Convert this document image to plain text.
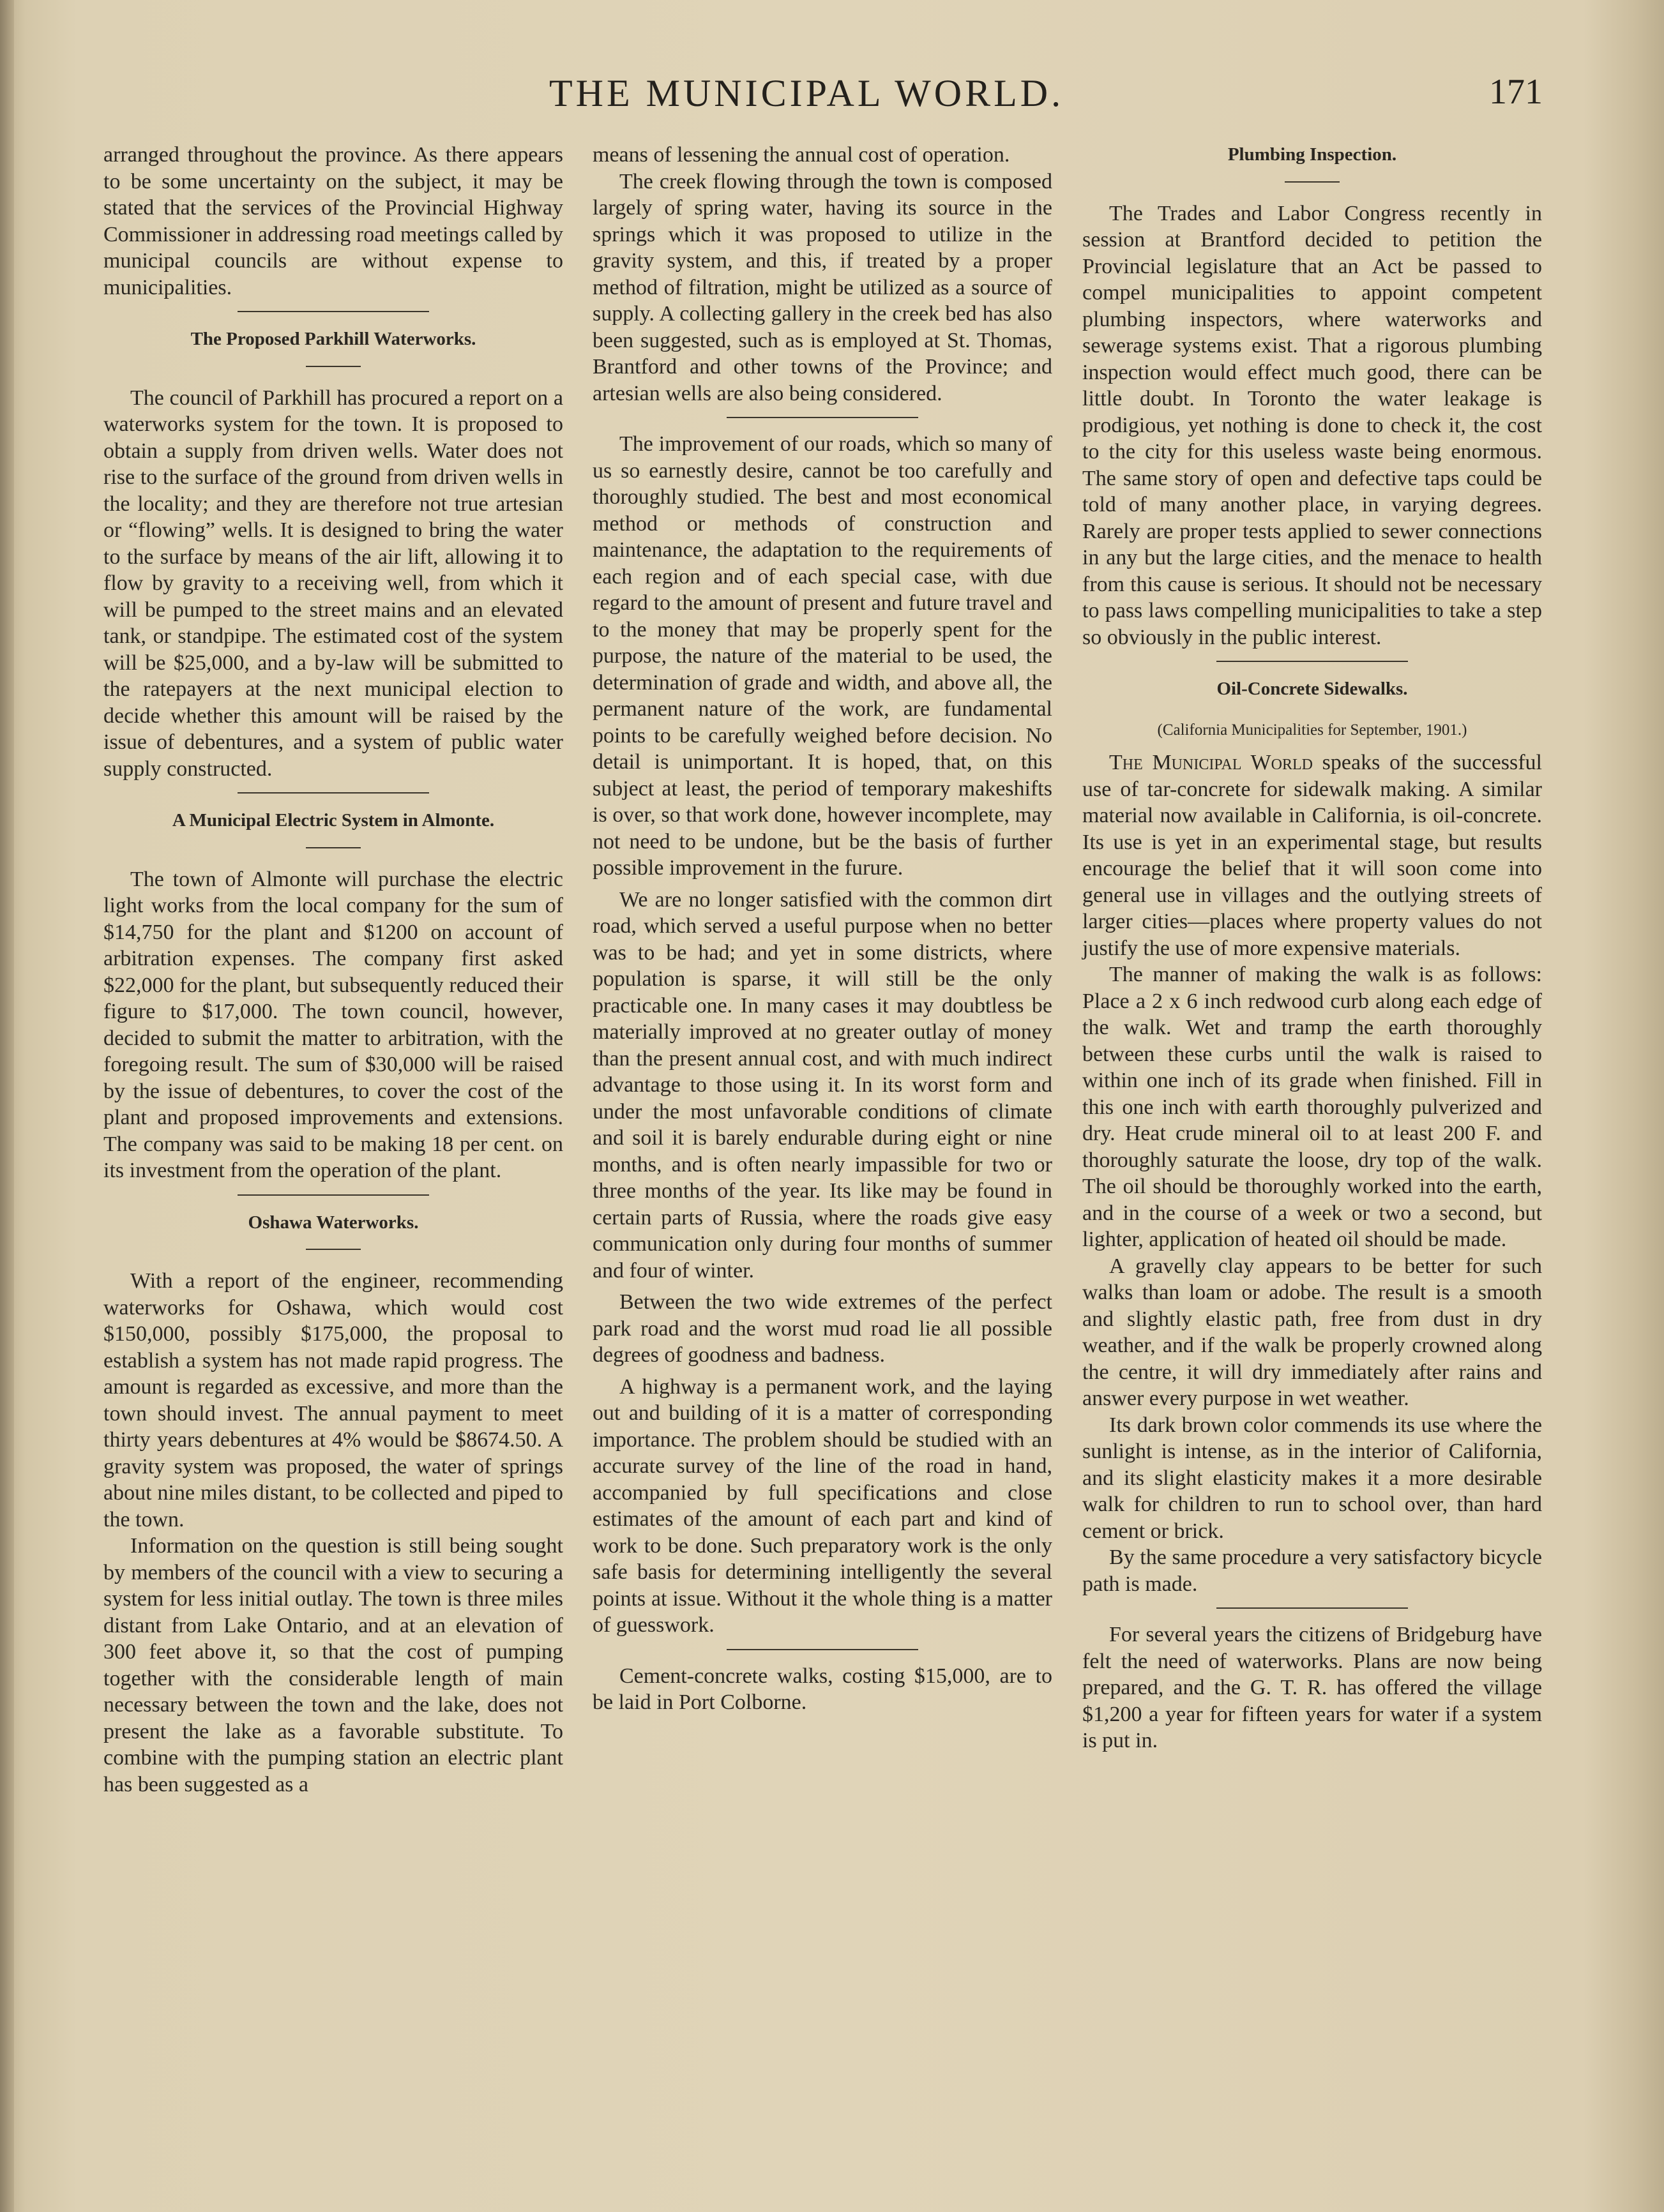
THE MUNICIPAL WORLD.	171

arranged throughout the province. As there appears to be some uncertainty on the subject, it may be stated that the services of the Provincial Highway Commissioner in addressing road meetings called by municipal councils are without expense to municipalities.

The Proposed Parkhill Waterworks.

The council of Parkhill has procured a report on a waterworks system for the town. It is proposed to obtain a supply from driven wells. Water does not rise to the surface of the ground from driven wells in the locality; and they are therefore not true artesian or “flowing” wells. It is designed to bring the water to the surface by means of the air lift, allowing it to flow by gravity to a receiving well, from which it will be pumped to the street mains and an elevated tank, or standpipe. The estimated cost of the system will be $25,000, and a by-law will be submitted to the ratepayers at the next municipal election to decide whether this amount will be raised by the issue of debentures, and a system of public water supply constructed.

A Municipal Electric System in Almonte.

The town of Almonte will purchase the electric light works from the local company for the sum of $14,750 for the plant and $1200 on account of arbitration expenses. The company first asked $22,000 for the plant, but subsequently reduced their figure to $17,000. The town council, however, decided to submit the matter to arbitration, with the foregoing result. The sum of $30,000 will be raised by the issue of debentures, to cover the cost of the plant and proposed improvements and extensions. The company was said to be making 18 per cent. on its investment from the operation of the plant.

Oshawa Waterworks.

With a report of the engineer, recommending waterworks for Oshawa, which would cost $150,000, possibly $175,000, the proposal to establish a system has not made rapid progress. The amount is regarded as excessive, and more than the town should invest. The annual payment to meet thirty years debentures at 4% would be $8674.50. A gravity system was proposed, the water of springs about nine miles distant, to be collected and piped to the town.

Information on the question is still being sought by members of the council with a view to securing a system for less initial outlay. The town is three miles distant from Lake Ontario, and at an elevation of 300 feet above it, so that the cost of pumping together with the considerable length of main necessary between the town and the lake, does not present the lake as a favorable substitute. To combine with the pumping station an electric plant has been suggested as a

means of lessening the annual cost of operation.

The creek flowing through the town is composed largely of spring water, having its source in the springs which it was proposed to utilize in the gravity system, and this, if treated by a proper method of filtration, might be utilized as a source of supply. A collecting gallery in the creek bed has also been suggested, such as is employed at St. Thomas, Brantford and other towns of the Province; and artesian wells are also being considered.

The improvement of our roads, which so many of us so earnestly desire, cannot be too carefully and thoroughly studied. The best and most economical method or methods of construction and maintenance, the adaptation to the requirements of each region and of each special case, with due regard to the amount of present and future travel and to the money that may be properly spent for the purpose, the nature of the material to be used, the determination of grade and width, and above all, the permanent nature of the work, are fundamental points to be carefully weighed before decision. No detail is unimportant. It is hoped, that, on this subject at least, the period of temporary makeshifts is over, so that work done, however incomplete, may not need to be undone, but be the basis of further possible improvement in the furure.

We are no longer satisfied with the common dirt road, which served a useful purpose when no better was to be had; and yet in some districts, where population is sparse, it will still be the only practicable one. In many cases it may doubtless be materially improved at no greater outlay of money than the present annual cost, and with much indirect advantage to those using it. In its worst form and under the most unfavorable conditions of climate and soil it is barely endurable during eight or nine months, and is often nearly impassible for two or three months of the year. Its like may be found in certain parts of Russia, where the roads give easy communication only during four months of summer and four of winter.

Between the two wide extremes of the perfect park road and the worst mud road lie all possible degrees of goodness and badness.

A highway is a permanent work, and the laying out and building of it is a matter of corresponding importance. The problem should be studied with an accurate survey of the line of the road in hand, accompanied by full specifications and close estimates of the amount of each part and kind of work to be done. Such preparatory work is the only safe basis for determining intelligently the several points at issue. Without it the whole thing is a matter of guesswork.

Cement-concrete walks, costing $15,000, are to be laid in Port Colborne.

Plumbing Inspection.

The Trades and Labor Congress recently in session at Brantford decided to petition the Provincial legislature that an Act be passed to compel municipalities to appoint competent plumbing inspectors, where waterworks and sewerage systems exist. That a rigorous plumbing inspection would effect much good, there can be little doubt. In Toronto the water leakage is prodigious, yet nothing is done to check it, the cost to the city for this useless waste being enormous. The same story of open and defective taps could be told of many another place, in varying degrees. Rarely are proper tests applied to sewer connections in any but the large cities, and the menace to health from this cause is serious. It should not be necessary to pass laws compelling municipalities to take a step so obviously in the public interest.

Oil-Concrete Sidewalks.
(California Municipalities for September, 1901.)

The Municipal World speaks of the successful use of tar-concrete for sidewalk making. A similar material now available in California, is oil-concrete. Its use is yet in an experimental stage, but results encourage the belief that it will soon come into general use in villages and the outlying streets of larger cities—places where property values do not justify the use of more expensive materials.

The manner of making the walk is as follows: Place a 2 x 6 inch redwood curb along each edge of the walk. Wet and tramp the earth thoroughly between these curbs until the walk is raised to within one inch of its grade when finished. Fill in this one inch with earth thoroughly pulverized and dry. Heat crude mineral oil to at least 200 F. and thoroughly saturate the loose, dry top of the walk. The oil should be thoroughly worked into the earth, and in the course of a week or two a second, but lighter, application of heated oil should be made.

A gravelly clay appears to be better for such walks than loam or adobe. The result is a smooth and slightly elastic path, free from dust in dry weather, and if the walk be properly crowned along the centre, it will dry immediately after rains and answer every purpose in wet weather.

Its dark brown color commends its use where the sunlight is intense, as in the interior of California, and its slight elasticity makes it a more desirable walk for children to run to school over, than hard cement or brick.

By the same procedure a very satisfactory bicycle path is made.

For several years the citizens of Bridgeburg have felt the need of waterworks. Plans are now being prepared, and the G. T. R. has offered the village $1,200 a year for fifteen years for water if a system is put in.
